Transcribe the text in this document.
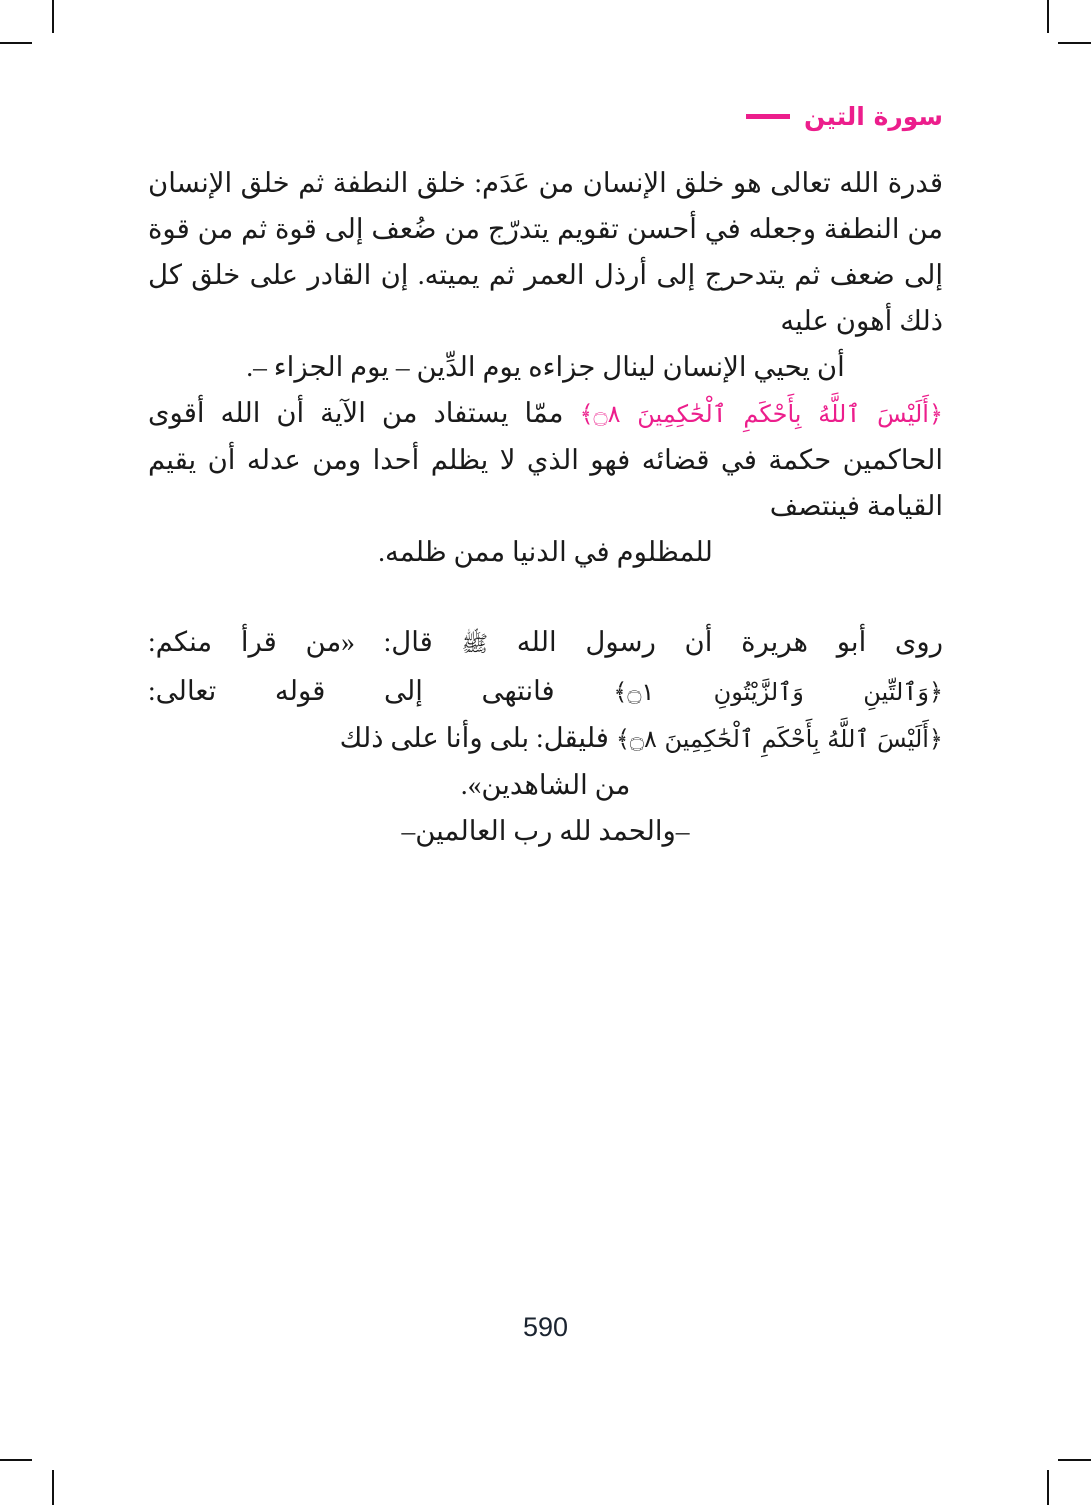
سورة التين

قدرة الله تعالى هو خلق الإنسان من عَدَم: خلق النطفة ثم خلق الإنسان من النطفة وجعله في أحسن تقويم يتدرّج من ضُعف إلى قوة ثم من قوة إلى ضعف ثم يتدحرج إلى أرذل العمر ثم يميته. إن القادر على خلق كل ذلك أهون عليه

أن يحيي الإنسان لينال جزاءه يوم الدِّين – يوم الجزاء –.

﴿أَلَيْسَ ٱللَّهُ بِأَحْكَمِ ٱلْحَٰكِمِينَ ۝٨﴾ ممّا يستفاد من الآية أن الله أقوى الحاكمين حكمة في قضائه فهو الذي لا يظلم أحدا ومن عدله أن يقيم القيامة فينتصف

للمظلوم في الدنيا ممن ظلمه.

روى أبو هريرة أن رسول الله ﷺ قال: «من قرأ منكم: ﴿وَٱلتِّينِ وَٱلزَّيْتُونِ ۝١﴾ فانتهى إلى قوله تعالى: ﴿أَلَيْسَ ٱللَّهُ بِأَحْكَمِ ٱلْحَٰكِمِينَ ۝٨﴾ فليقل: بلى وأنا على ذلك

من الشاهدين».

–والحمد لله رب العالمين–

590
